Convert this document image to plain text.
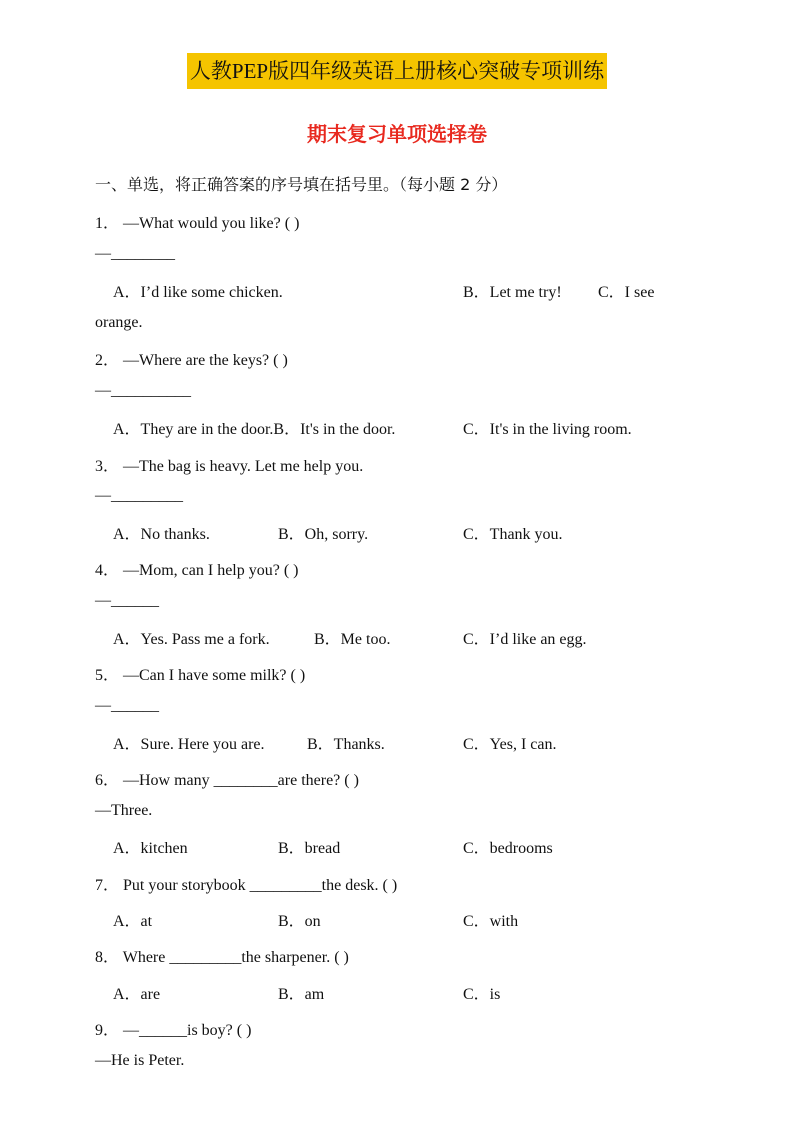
人教PEP版四年级英语上册核心突破专项训练
期末复习单项选择卷
一、单选，将正确答案的序号填在括号里。（每小题 2 分）
1． —What would you like? ( )
—________
A．I’d like some chicken.	B．Let me try! C．I see
orange.
2． —Where are the keys? ( )
—__________
A．They are in the door.B．It's in the door.	C．It's in the living room.
3． —The bag is heavy. Let me help you.
—_________
A．No thanks.	B．Oh, sorry.	C．Thank you.
4． —Mom, can I help you? ( )
—______
A．Yes. Pass me a fork.	B．Me too.	C．I’d like an egg.
5． —Can I have some milk? ( )
—______
A．Sure. Here you are.	B．Thanks.	C．Yes, I can.
6． —How many ________are there? ( )
—Three.
A．kitchen	B．bread	C．bedrooms
7． Put your storybook _________the desk. ( )
A．at	B．on	C．with
8． Where _________the sharpener. ( )
A．are	B．am	C．is
9． —______is boy? ( )
—He is Peter.
